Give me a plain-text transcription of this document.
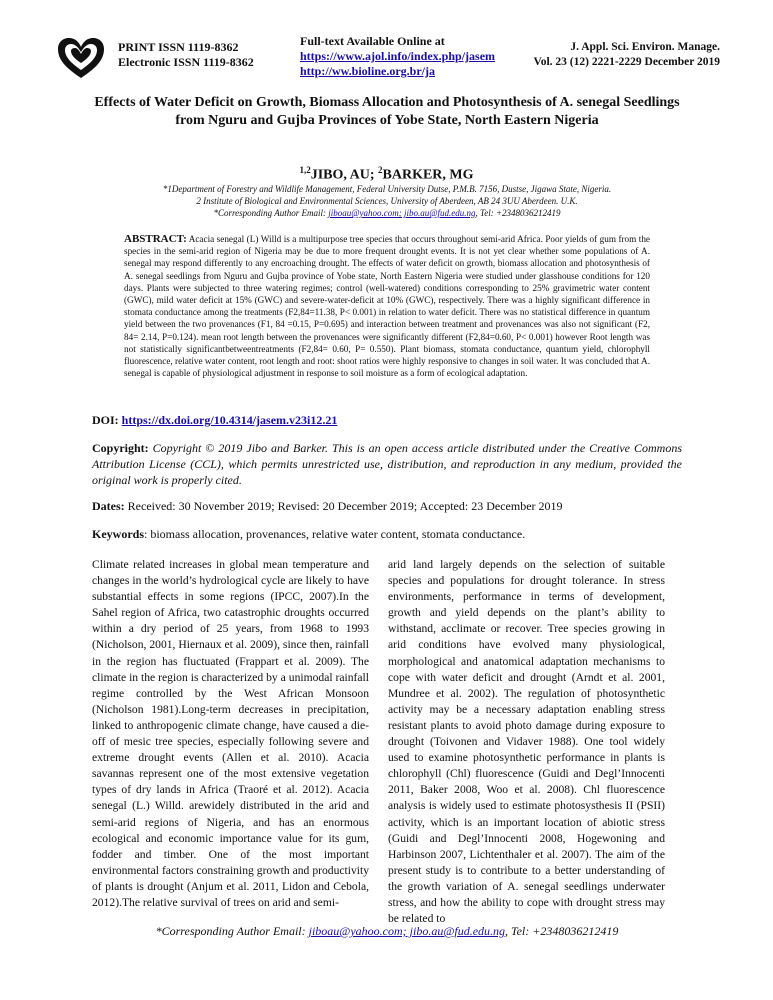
PRINT ISSN 1119-8362
Electronic ISSN 1119-8362
Full-text Available Online at
https://www.ajol.info/index.php/jasem
http://ww.bioline.org.br/ja
J. Appl. Sci. Environ. Manage.
Vol. 23 (12) 2221-2229 December 2019
Effects of Water Deficit on Growth, Biomass Allocation and Photosynthesis of A. senegal Seedlings from Nguru and Gujba Provinces of Yobe State, North Eastern Nigeria
$^{1,2}$JIBO, AU; $^2$BARKER, MG
*1Department of Forestry and Wildlife Management, Federal University Dutse, P.M.B. 7156, Dustse, Jigawa State, Nigeria.
2 Institute of Biological and Environmental Sciences, University of Aberdeen, AB 24 3UU Aberdeen. U.K.
*Corresponding Author Email: jiboau@yahoo.com; jibo.au@fud.edu.ng, Tel: +2348036212419
ABSTRACT: Acacia senegal (L) Willd is a multipurpose tree species that occurs throughout semi-arid Africa. Poor yields of gum from the species in the semi-arid region of Nigeria may be due to more frequent drought events. It is not yet clear whether some populations of A. senegal may respond differently to any encroaching drought. The effects of water deficit on growth, biomass allocation and photosynthesis of A. senegal seedlings from Nguru and Gujba province of Yobe state, North Eastern Nigeria were studied under glasshouse conditions for 120 days. Plants were subjected to three watering regimes; control (well-watered) conditions corresponding to 25% gravimetric water content (GWC), mild water deficit at 15% (GWC) and severe-water-deficit at 10% (GWC), respectively. There was a highly significant difference in stomata conductance among the treatments (F2,84=11.38, P< 0.001) in relation to water deficit. There was no statistical difference in quantum yield between the two provenances (F1, 84 =0.15, P=0.695) and interaction between treatment and provenances was also not significant (F2, 84= 2.14, P=0.124). mean root length between the provenances were significantly different (F2,84=0.60, P< 0.001) however Root length was not statistically significantbetweentreatments (F2,84= 0.60, P= 0.550). Plant biomass, stomata conductance, quantum yield, chlorophyll fluorescence, relative water content, root length and root: shoot ratios were highly responsive to changes in soil water. It was concluded that A. senegal is capable of physiological adjustment in response to soil moisture as a form of ecological adaptation.
DOI: https://dx.doi.org/10.4314/jasem.v23i12.21
Copyright: Copyright © 2019 Jibo and Barker. This is an open access article distributed under the Creative Commons Attribution License (CCL), which permits unrestricted use, distribution, and reproduction in any medium, provided the original work is properly cited.
Dates: Received: 30 November 2019; Revised: 20 December 2019; Accepted: 23 December 2019
Keywords: biomass allocation, provenances, relative water content, stomata conductance.
Climate related increases in global mean temperature and changes in the world’s hydrological cycle are likely to have substantial effects in some regions (IPCC, 2007).In the Sahel region of Africa, two catastrophic droughts occurred within a dry period of 25 years, from 1968 to 1993 (Nicholson, 2001, Hiernaux et al. 2009), since then, rainfall in the region has fluctuated (Frappart et al. 2009). The climate in the region is characterized by a unimodal rainfall regime controlled by the West African Monsoon (Nicholson 1981).Long-term decreases in precipitation, linked to anthropogenic climate change, have caused a die-off of mesic tree species, especially following severe and extreme drought events (Allen et al. 2010). Acacia savannas represent one of the most extensive vegetation types of dry lands in Africa (Traoré et al. 2012). Acacia senegal (L.) Willd. arewidely distributed in the arid and semi-arid regions of Nigeria, and has an enormous ecological and economic importance value for its gum, fodder and timber. One of the most important environmental factors constraining growth and productivity of plants is drought (Anjum et al. 2011, Lidon and Cebola, 2012).The relative survival of trees on arid and semi-
arid land largely depends on the selection of suitable species and populations for drought tolerance. In stress environments, performance in terms of development, growth and yield depends on the plant’s ability to withstand, acclimate or recover. Tree species growing in arid conditions have evolved many physiological, morphological and anatomical adaptation mechanisms to cope with water deficit and drought (Arndt et al. 2001, Mundree et al. 2002). The regulation of photosynthetic activity may be a necessary adaptation enabling stress resistant plants to avoid photo damage during exposure to drought (Toivonen and Vidaver 1988). One tool widely used to examine photosynthetic performance in plants is chlorophyll (Chl) fluorescence (Guidi and Degl’Innocenti 2011, Baker 2008, Woo et al. 2008). Chl fluorescence analysis is widely used to estimate photosysthesis II (PSII) activity, which is an important location of abiotic stress (Guidi and Degl’Innocenti 2008, Hogewoning and Harbinson 2007, Lichtenthaler et al. 2007). The aim of the present study is to contribute to a better understanding of the growth variation of A. senegal seedlings underwater stress, and how the ability to cope with drought stress may be related to
*Corresponding Author Email: jiboau@yahoo.com; jibo.au@fud.edu.ng, Tel: +2348036212419
